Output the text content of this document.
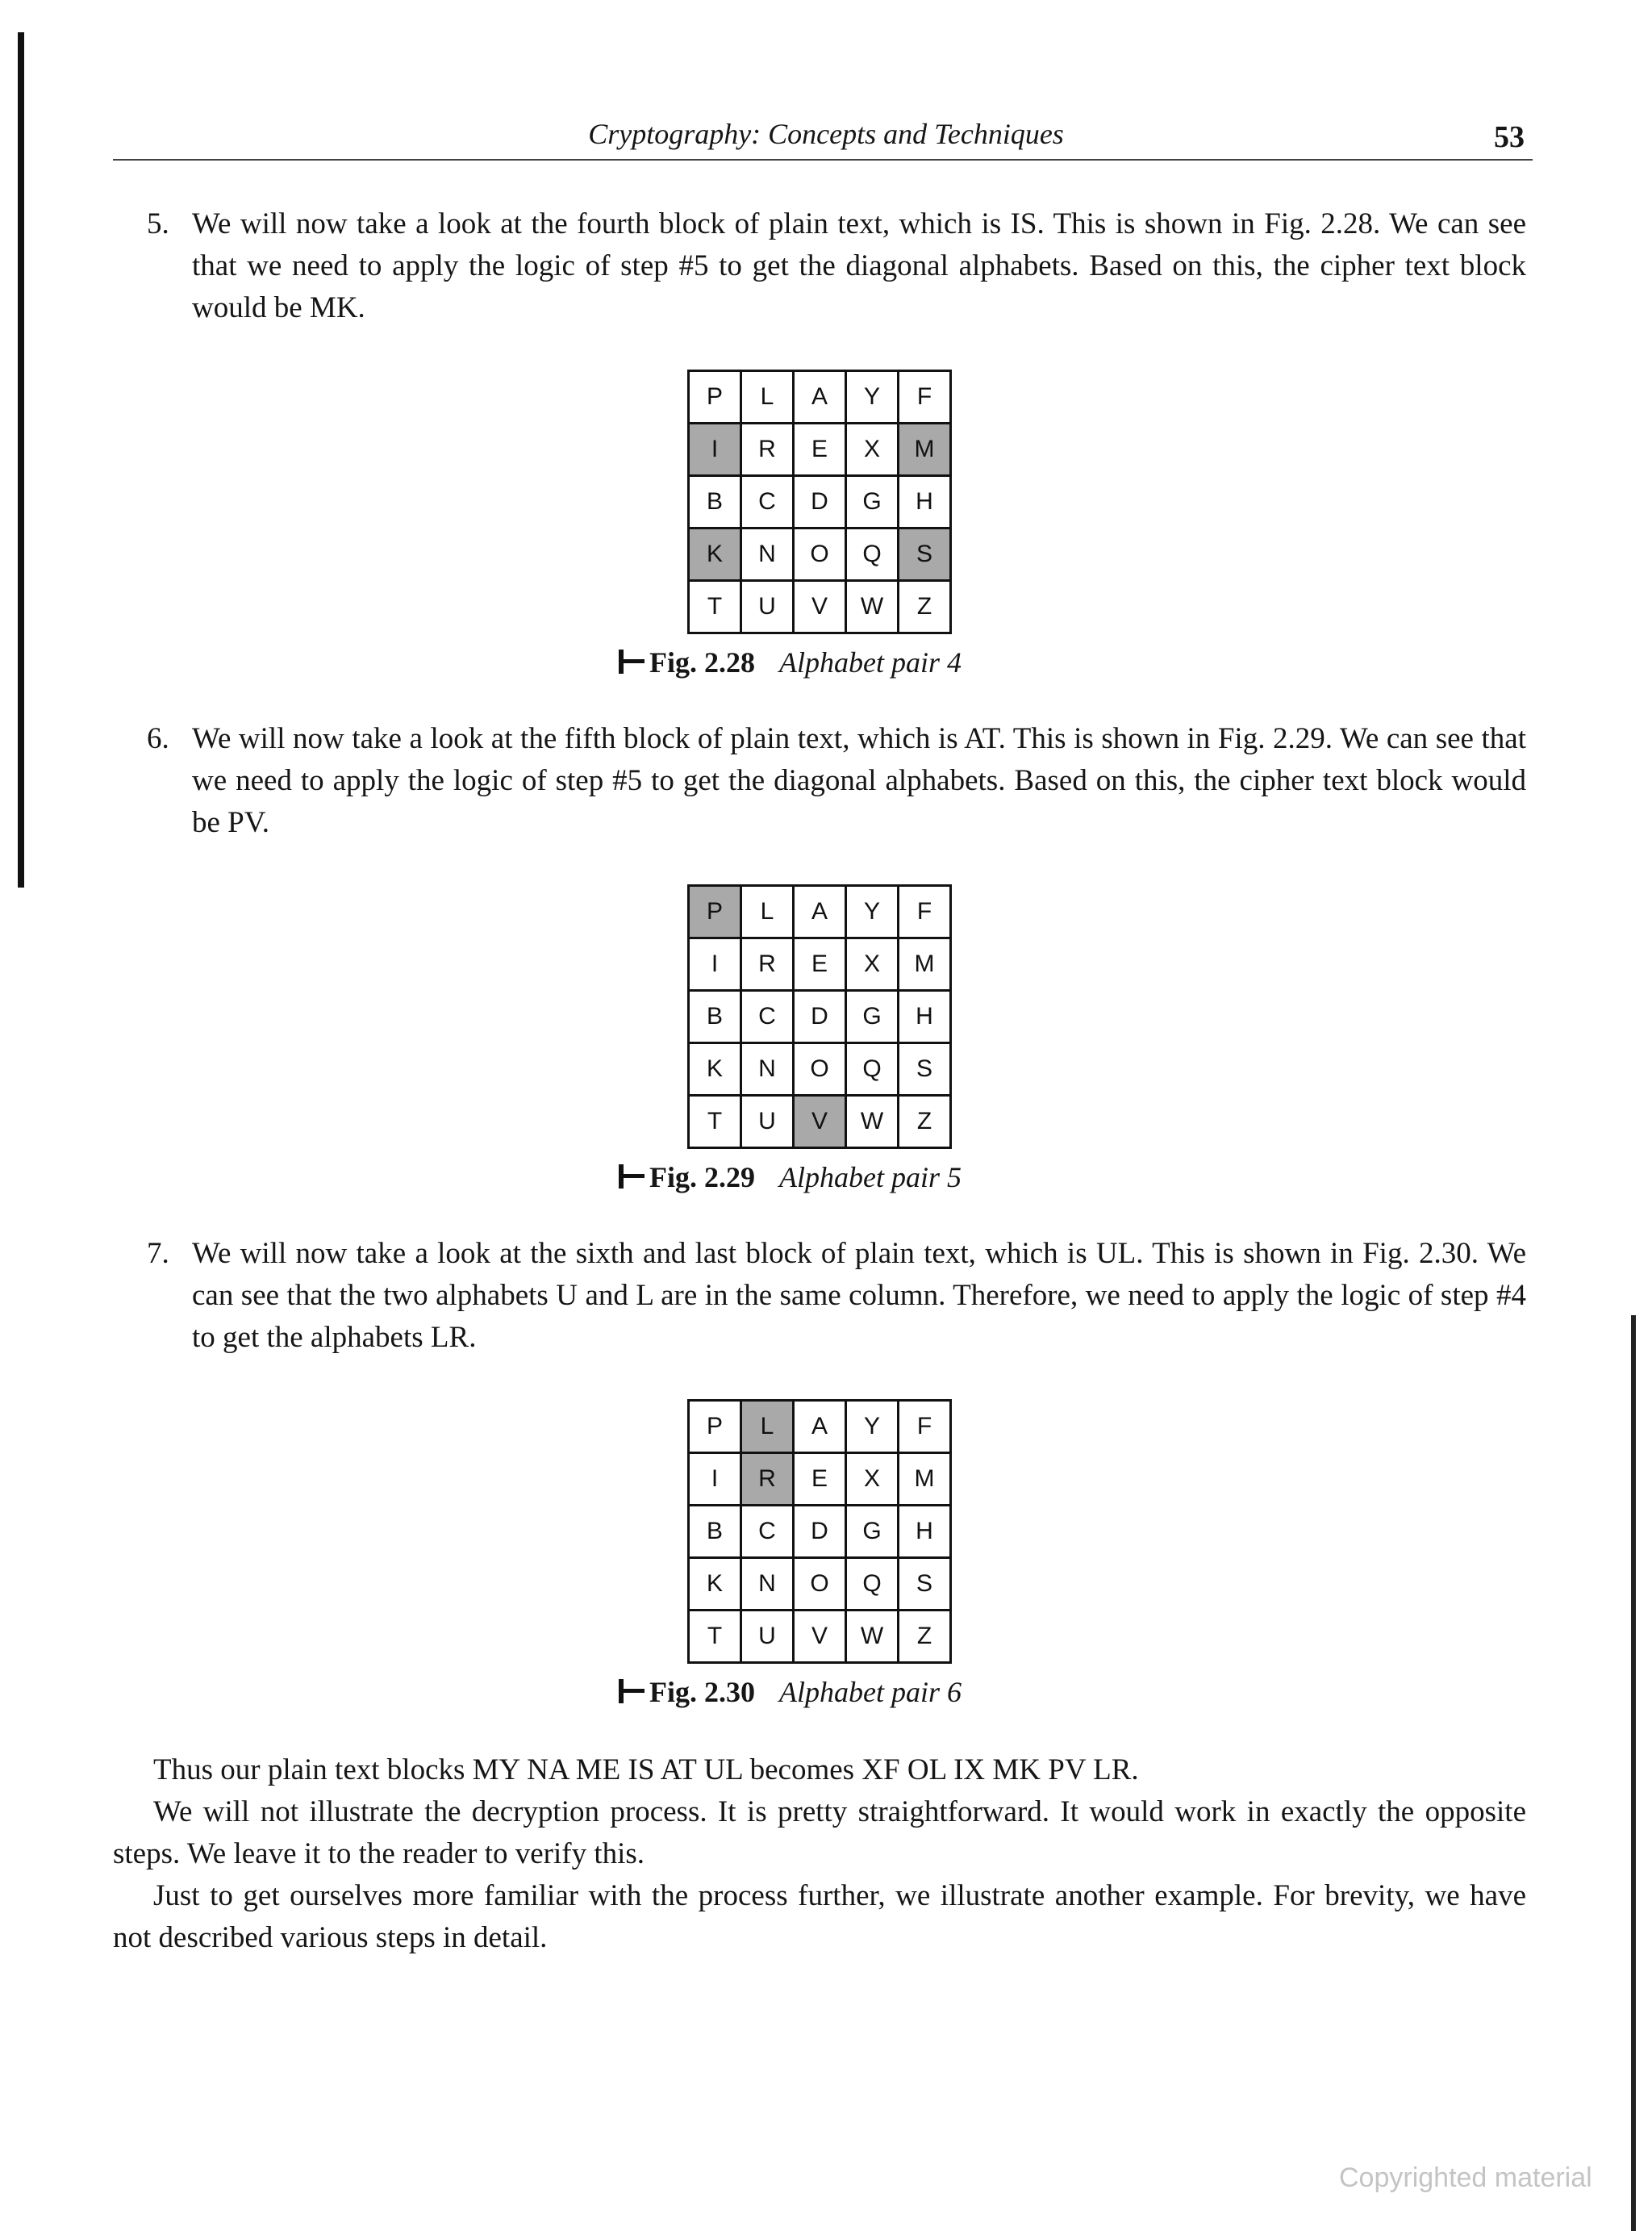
Cryptography: Concepts and Techniques	53
5. We will now take a look at the fourth block of plain text, which is IS. This is shown in Fig. 2.28. We can see that we need to apply the logic of step #5 to get the diagonal alphabets. Based on this, the cipher text block would be MK.
P	L	A	Y	F
I	R	E	X	M
B	C	D	G	H
K	N	O	Q	S
T	U	V	W	Z
Fig. 2.28 Alphabet pair 4
6. We will now take a look at the fifth block of plain text, which is AT. This is shown in Fig. 2.29. We can see that we need to apply the logic of step #5 to get the diagonal alphabets. Based on this, the cipher text block would be PV.
P	L	A	Y	F
I	R	E	X	M
B	C	D	G	H
K	N	O	Q	S
T	U	V	W	Z
Fig. 2.29 Alphabet pair 5
7. We will now take a look at the sixth and last block of plain text, which is UL. This is shown in Fig. 2.30. We can see that the two alphabets U and L are in the same column. Therefore, we need to apply the logic of step #4 to get the alphabets LR.
P	L	A	Y	F
I	R	E	X	M
B	C	D	G	H
K	N	O	Q	S
T	U	V	W	Z
Fig. 2.30 Alphabet pair 6
Thus our plain text blocks MY NA ME IS AT UL becomes XF OL IX MK PV LR.
We will not illustrate the decryption process. It is pretty straightforward. It would work in exactly the opposite steps. We leave it to the reader to verify this.
Just to get ourselves more familiar with the process further, we illustrate another example. For brevity, we have not described various steps in detail.
Copyrighted material
